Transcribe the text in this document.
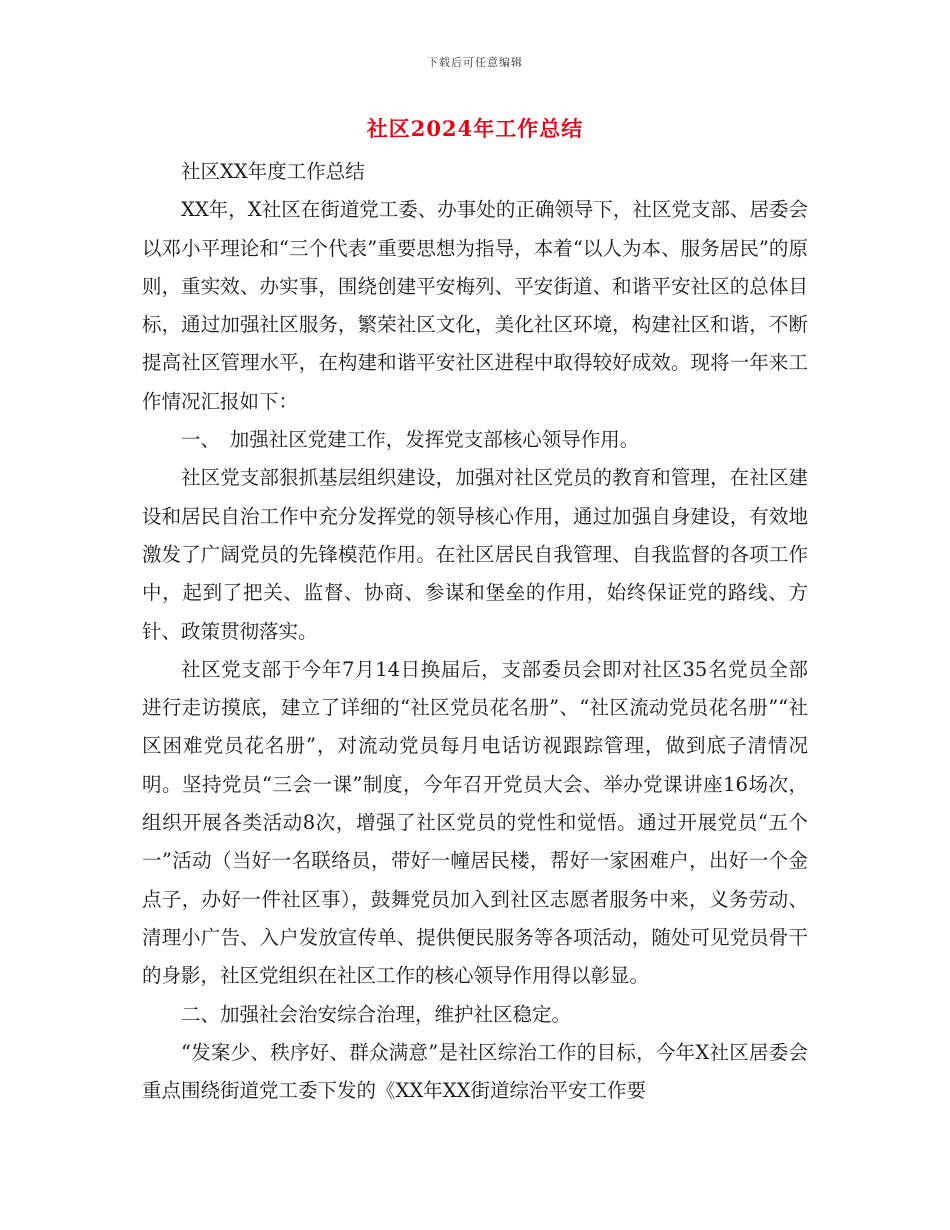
下载后可任意编辑
社区2024年工作总结

社区XX年度工作总结

XX年，X社区在街道党工委、办事处的正确领导下，社区党支部、居委会以邓小平理论和“三个代表”重要思想为指导，本着“以人为本、服务居民”的原则，重实效、办实事，围绕创建平安梅列、平安街道、和谐平安社区的总体目标，通过加强社区服务，繁荣社区文化，美化社区环境，构建社区和谐，不断提高社区管理水平，在构建和谐平安社区进程中取得较好成效。现将一年来工作情况汇报如下：

一、　加强社区党建工作，发挥党支部核心领导作用。

社区党支部狠抓基层组织建设，加强对社区党员的教育和管理，在社区建设和居民自治工作中充分发挥党的领导核心作用，通过加强自身建设，有效地激发了广阔党员的先锋模范作用。在社区居民自我管理、自我监督的各项工作中，起到了把关、监督、协商、参谋和堡垒的作用，始终保证党的路线、方针、政策贯彻落实。

社区党支部于今年7月14日换届后，支部委员会即对社区35名党员全部进行走访摸底，建立了详细的“社区党员花名册”、“社区流动党员花名册”“社区困难党员花名册”，对流动党员每月电话访视跟踪管理，做到底子清情况明。坚持党员“三会一课”制度，今年召开党员大会、举办党课讲座16场次，组织开展各类活动8次，增强了社区党员的党性和觉悟。通过开展党员“五个一”活动（当好一名联络员，带好一幢居民楼，帮好一家困难户，出好一个金点子，办好一件社区事），鼓舞党员加入到社区志愿者服务中来，义务劳动、清理小广告、入户发放宣传单、提供便民服务等各项活动，随处可见党员骨干的身影，社区党组织在社区工作的核心领导作用得以彰显。

二、加强社会治安综合治理，维护社区稳定。

“发案少、秩序好、群众满意”是社区综治工作的目标，今年X社区居委会重点围绕街道党工委下发的《XX年XX街道综治平安工作要
